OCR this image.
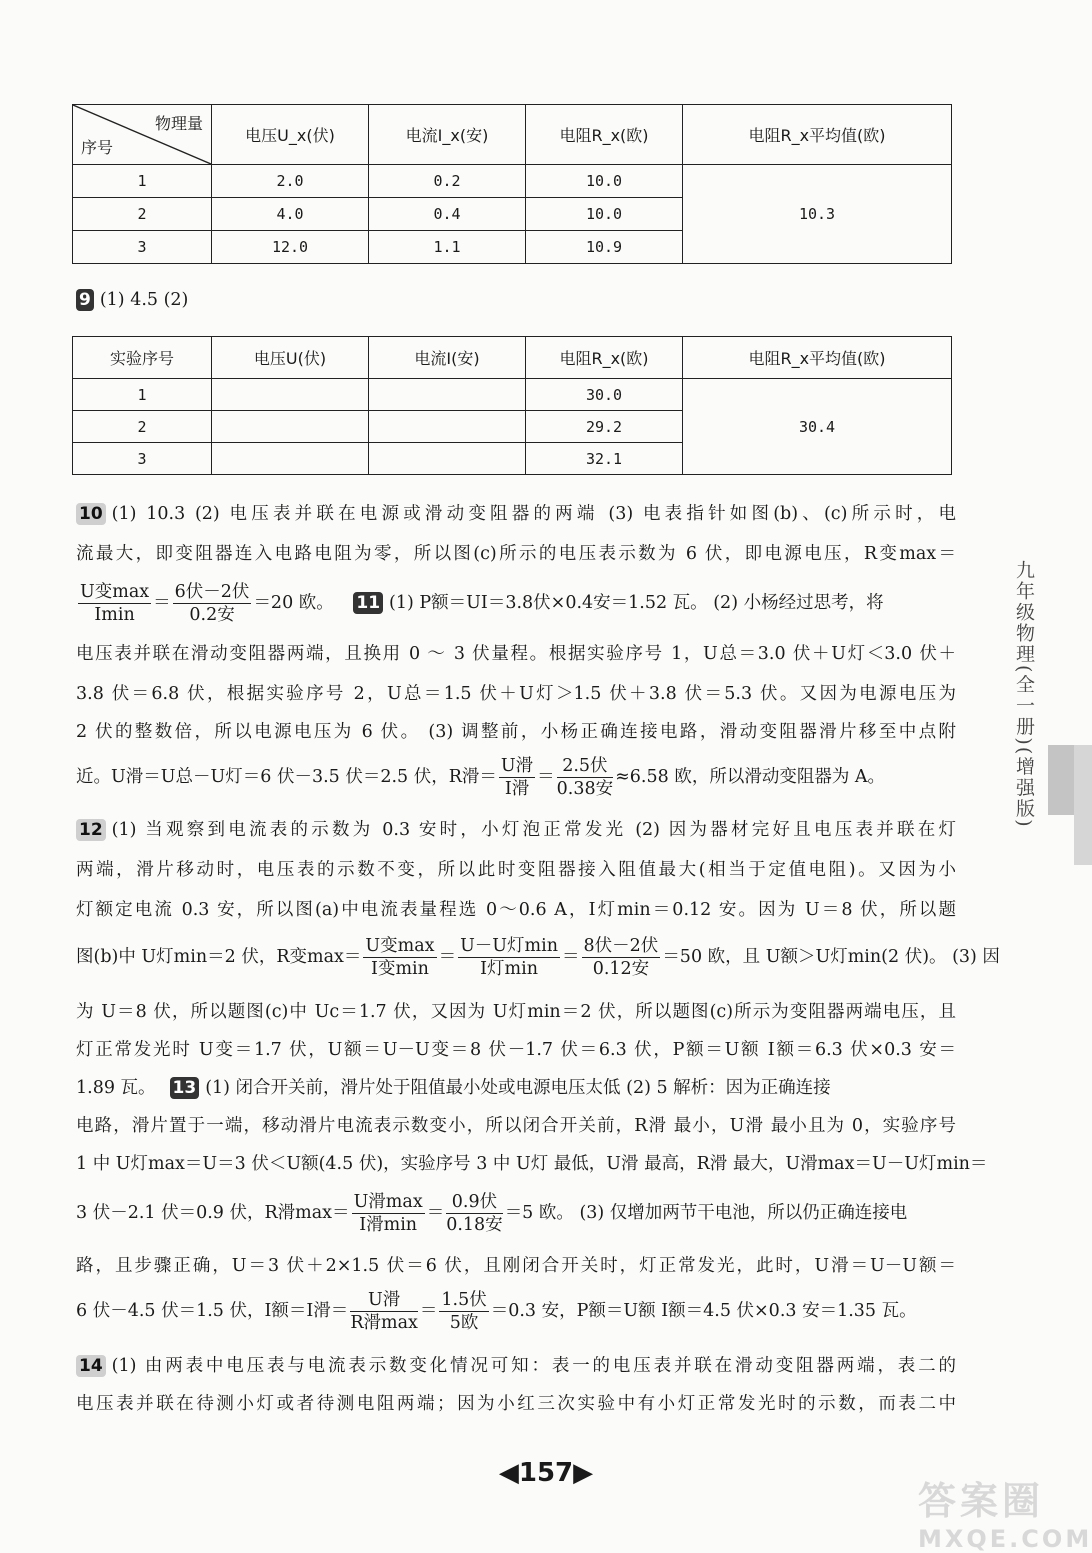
物理量
序号	电压U_x(伏)	电流I_x(安)	电阻R_x(欧)	电阻R_x平均值(欧)
1	2.0	0.2	10.0	10.3
2	4.0	0.4	10.0	
3	12.0	1.1	10.9	
9 (1) 4.5 (2)
实验序号	电压U(伏)	电流I(安)	电阻R_x(欧)	电阻R_x平均值(欧)
1			30.0	30.4
2			29.2	
3			32.1	
10 (1) 10.3 (2) 电压表并联在电源或滑动变阻器的两端 (3) 电表指针如图(b)、(c)所示时，电
流最大，即变阻器连入电路电阻为零，所以图(c)所示的电压表示数为 6 伏，即电源电压，R变max＝
$\frac{\text{U变max}}{Imin} = \frac{\text{6伏－2伏}}{\text{0.2安}} =20$ 欧。 11 (1) P额＝UI＝3.8伏×0.4安＝1.52 瓦。 (2) 小杨经过思考，将
电压表并联在滑动变阻器两端，且换用 0 ～ 3 伏量程。根据实验序号 1，U总＝3.0 伏＋U灯＜3.0 伏＋
3.8 伏＝6.8 伏，根据实验序号 2，U总＝1.5 伏＋U灯＞1.5 伏＋3.8 伏＝5.3 伏。又因为电源电压为
2 伏的整数倍，所以电源电压为 6 伏。 (3) 调整前，小杨正确连接电路，滑动变阻器滑片移至中点附
近。U滑＝U总－U灯＝6 伏－3.5 伏＝2.5 伏，R滑＝ $\frac{\text{U滑}}{\text{I滑}} = \frac{\text{2.5伏}}{\text{0.38安}} \approx 6.58$ 欧，所以滑动变阻器为 A。
12 (1) 当观察到电流表的示数为 0.3 安时，小灯泡正常发光 (2) 因为器材完好且电压表并联在灯
两端，滑片移动时，电压表的示数不变，所以此时变阻器接入阻值最大(相当于定值电阻)。又因为小
灯额定电流 0.3 安，所以图(a)中电流表量程选 0～0.6 A，I灯min＝0.12 安。因为 U＝8 伏，所以题
图(b)中 U灯min＝2 伏，R变$\max= \frac{\text{U变max}}{\text{I变min}} = \frac{\text{U－U灯min}}{\text{I灯min}} = \frac{\text{8伏－2伏}}{\text{0.12安}} =50$ 欧，且 U额＞U灯min(2 伏)。 (3) 因
为 U＝8 伏，所以题图(c)中 Uc＝1.7 伏，又因为 U灯min＝2 伏，所以题图(c)所示为变阻器两端电压，且
灯正常发光时 U变＝1.7 伏，U额＝U－U变＝8 伏－1.7 伏＝6.3 伏，P额＝U额 I额＝6.3 伏×0.3 安＝
1.89 瓦。 13 (1) 闭合开关前，滑片处于阻值最小处或电源电压太低 (2) 5 解析：因为正确连接
电路，滑片置于一端，移动滑片电流表示数变小，所以闭合开关前，R滑 最小，U滑 最小且为 0，实验序号
1 中 U灯max＝U＝3 伏＜U额(4.5 伏)，实验序号 3 中 U灯 最低，U滑 最高，R滑 最大，U滑max＝U－U灯min＝
3 伏－2.1 伏＝0.9 伏，R滑$\max= \frac{\text{U滑max}}{\text{I滑min}} = \frac{\text{0.9伏}}{\text{0.18安}} =5$ 欧。 (3) 仅增加两节干电池，所以仍正确连接电
路，且步骤正确，U＝3 伏＋2×1.5 伏＝6 伏，且刚闭合开关时，灯正常发光，此时，U滑＝U－U额＝
6 伏－4.5 伏＝1.5 伏，I额＝I滑＝ $\frac{\text{U滑}}{\text{R滑max}} = \frac{\text{1.5伏}}{\text{5欧}} =0.3$ 安，P额＝U额 I额＝4.5 伏×0.3 安＝1.35 瓦。
14 (1) 由两表中电压表与电流表示数变化情况可知：表一的电压表并联在滑动变阻器两端，表二的
电压表并联在待测小灯或者待测电阻两端；因为小红三次实验中有小灯正常发光时的示数，而表二中
九年级物理(全一册)(增强版)
◀157▶
答案圈
MXQE.COM
